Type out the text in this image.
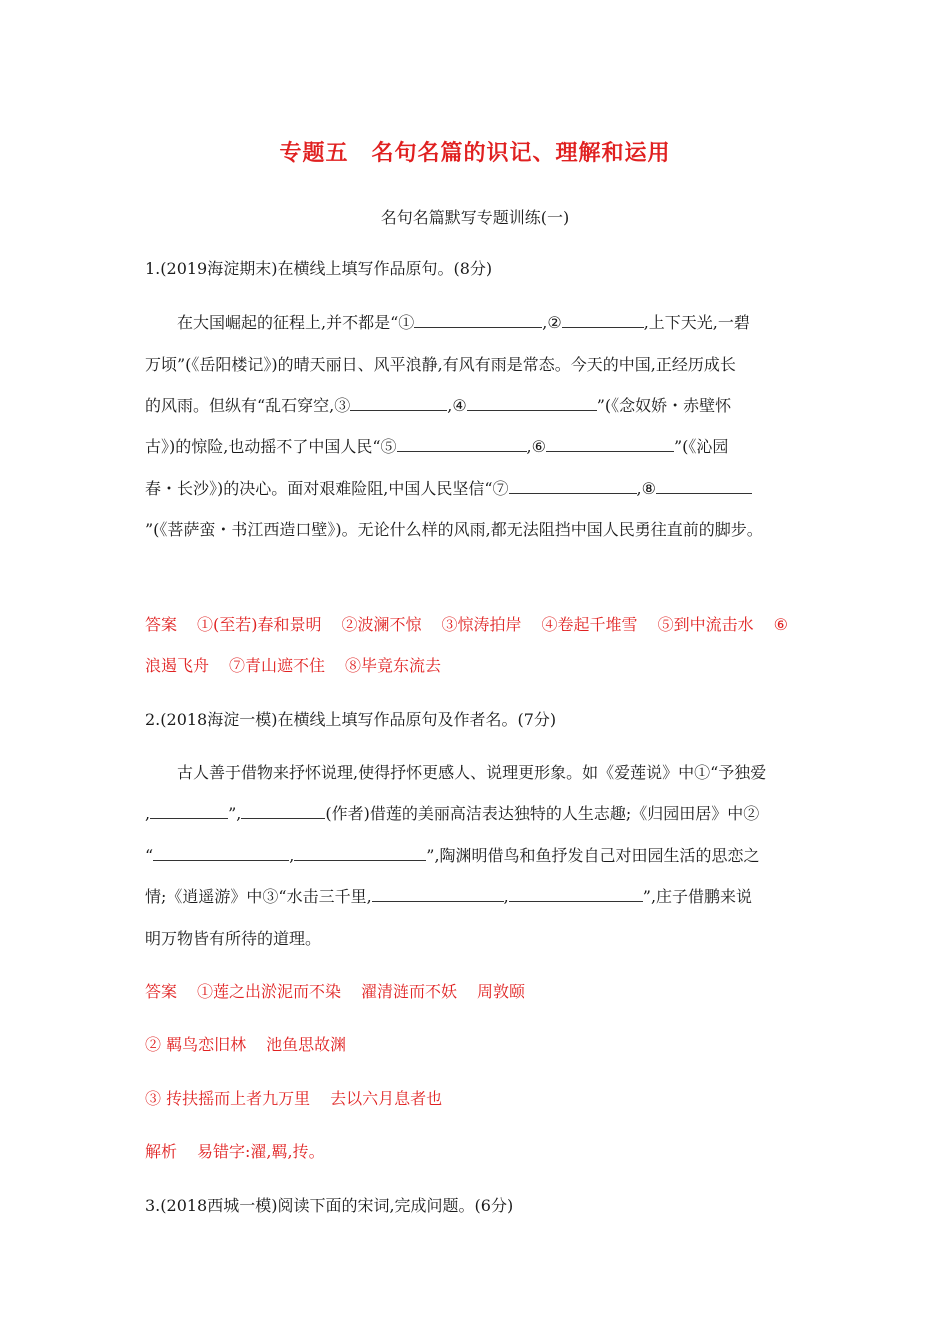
专题五　名句名篇的识记、理解和运用
名句名篇默写专题训练(一)
1.(2019海淀期末)在横线上填写作品原句。(8分)
在大国崛起的征程上,并不都是“①	,②	,上下天光,一碧
万顷”(《岳阳楼记》)的晴天丽日、风平浪静,有风有雨是常态。今天的中国,正经历成长
的风雨。但纵有“乱石穿空,③	,④	”(《念奴娇・赤壁怀
古》)的惊险,也动摇不了中国人民“⑤	,⑥	”(《沁园
春・长沙》)的决心。面对艰难险阻,中国人民坚信“⑦	,⑧
”(《菩萨蛮・书江西造口壁》)。无论什么样的风雨,都无法阻挡中国人民勇往直前的脚步。
答案 ①(至若)春和景明 ②波澜不惊 ③惊涛拍岸 ④卷起千堆雪 ⑤到中流击水 ⑥
浪遏飞舟 ⑦青山遮不住 ⑧毕竟东流去
2.(2018海淀一模)在横线上填写作品原句及作者名。(7分)
古人善于借物来抒怀说理,使得抒怀更感人、说理更形象。如《爱莲说》中①“予独爱
,	”,	(作者)借莲的美丽高洁表达独特的人生志趣;《归园田居》中②
“	,	”,陶渊明借鸟和鱼抒发自己对田园生活的思恋之
情;《逍遥游》中③“水击三千里,	,	”,庄子借鹏来说
明万物皆有所待的道理。
答案 ①莲之出淤泥而不染 濯清涟而不妖 周敦颐
② 羁鸟恋旧林 池鱼思故渊
③ 抟扶摇而上者九万里 去以六月息者也
解析 易错字:濯,羁,抟。
3.(2018西城一模)阅读下面的宋词,完成问题。(6分)
